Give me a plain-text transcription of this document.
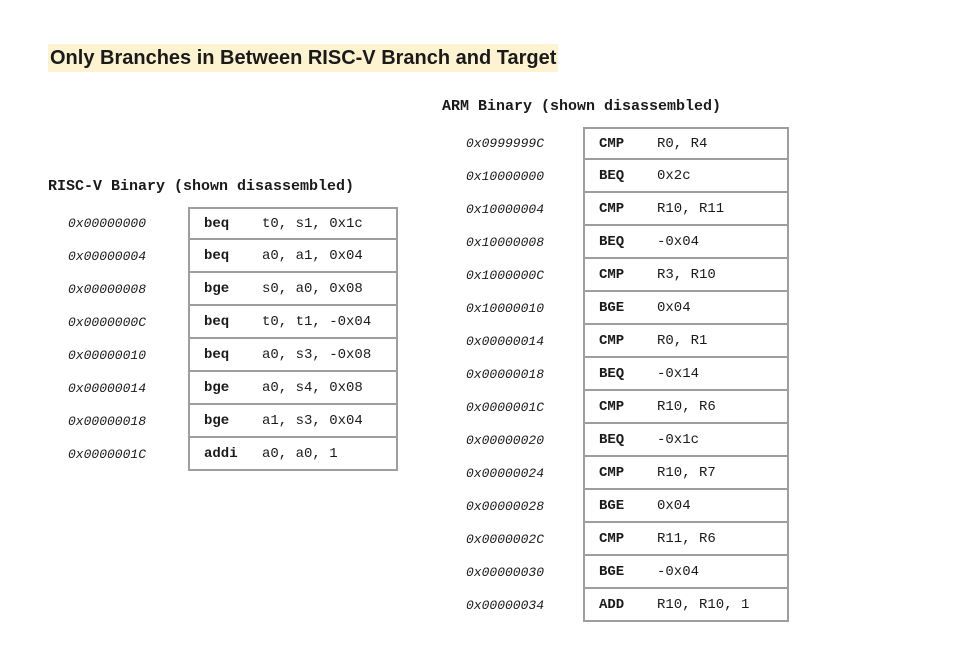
Only Branches in Between RISC-V Branch and Target
RISC-V Binary (shown disassembled)
0x00000000	beq	t0, s1, 0x1c
0x00000004	beq	a0, a1, 0x04
0x00000008	bge	s0, a0, 0x08
0x0000000C	beq	t0, t1, -0x04
0x00000010	beq	a0, s3, -0x08
0x00000014	bge	a0, s4, 0x08
0x00000018	bge	a1, s3, 0x04
0x0000001C	addi	a0, a0, 1
ARM Binary (shown disassembled)
0x0999999C	CMP	R0, R4
0x10000000	BEQ	0x2c
0x10000004	CMP	R10, R11
0x10000008	BEQ	-0x04
0x1000000C	CMP	R3, R10
0x10000010	BGE	0x04
0x00000014	CMP	R0, R1
0x00000018	BEQ	-0x14
0x0000001C	CMP	R10, R6
0x00000020	BEQ	-0x1c
0x00000024	CMP	R10, R7
0x00000028	BGE	0x04
0x0000002C	CMP	R11, R6
0x00000030	BGE	-0x04
0x00000034	ADD	R10, R10, 1
